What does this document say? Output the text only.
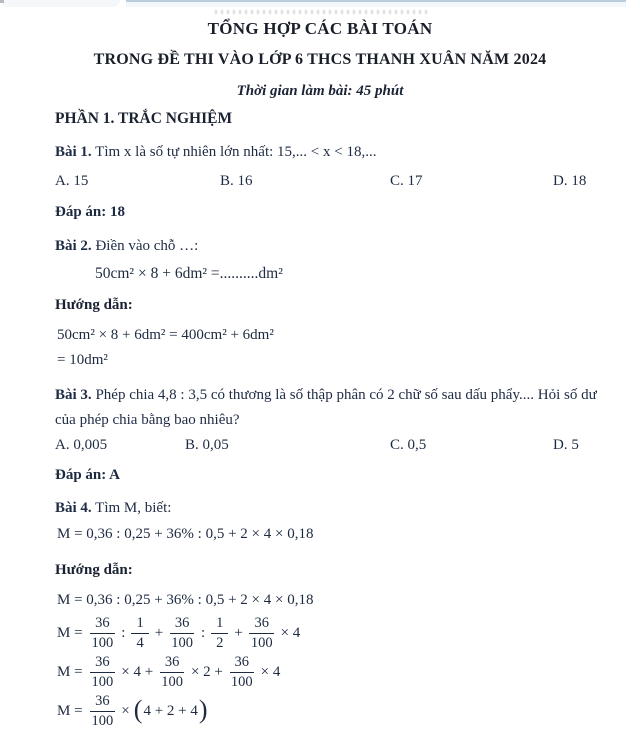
TỔNG HỢP CÁC BÀI TOÁN
TRONG ĐỀ THI VÀO LỚP 6 THCS THANH XUÂN NĂM 2024
Thời gian làm bài: 45 phút
PHẦN 1. TRẮC NGHIỆM
Bài 1. Tìm x là số tự nhiên lớn nhất: 15,... < x < 18,...
A. 15	B. 16	C. 17	D. 18
Đáp án: 18
Bài 2. Điền vào chỗ …:
50cm² × 8 + 6dm² =..........dm²
Hướng dẫn:
50cm² × 8 + 6dm² = 400cm² + 6dm²
= 10dm²
Bài 3. Phép chia 4,8 : 3,5 có thương là số thập phân có 2 chữ số sau dấu phẩy.... Hỏi số dư của phép chia bằng bao nhiêu?
A. 0,005	B. 0,05	C. 0,5	D. 5
Đáp án: A
Bài 4. Tìm M, biết:
M = 0,36 : 0,25 + 36% : 0,5 + 2 × 4 × 0,18
Hướng dẫn:
M = 0,36 : 0,25 + 36% : 0,5 + 2 × 4 × 0,18
$M = \frac{36}{100}$ : $\frac{1}{4} + \frac{36}{100}$ : $\frac{1}{2} + \frac{36}{100} \times 4$
$M = \frac{36}{100} \times 4 + \frac{36}{100} \times 2 + \frac{36}{100} \times 4$
$M = \frac{36}{100}$ × ( 4 + 2 + 4 )
